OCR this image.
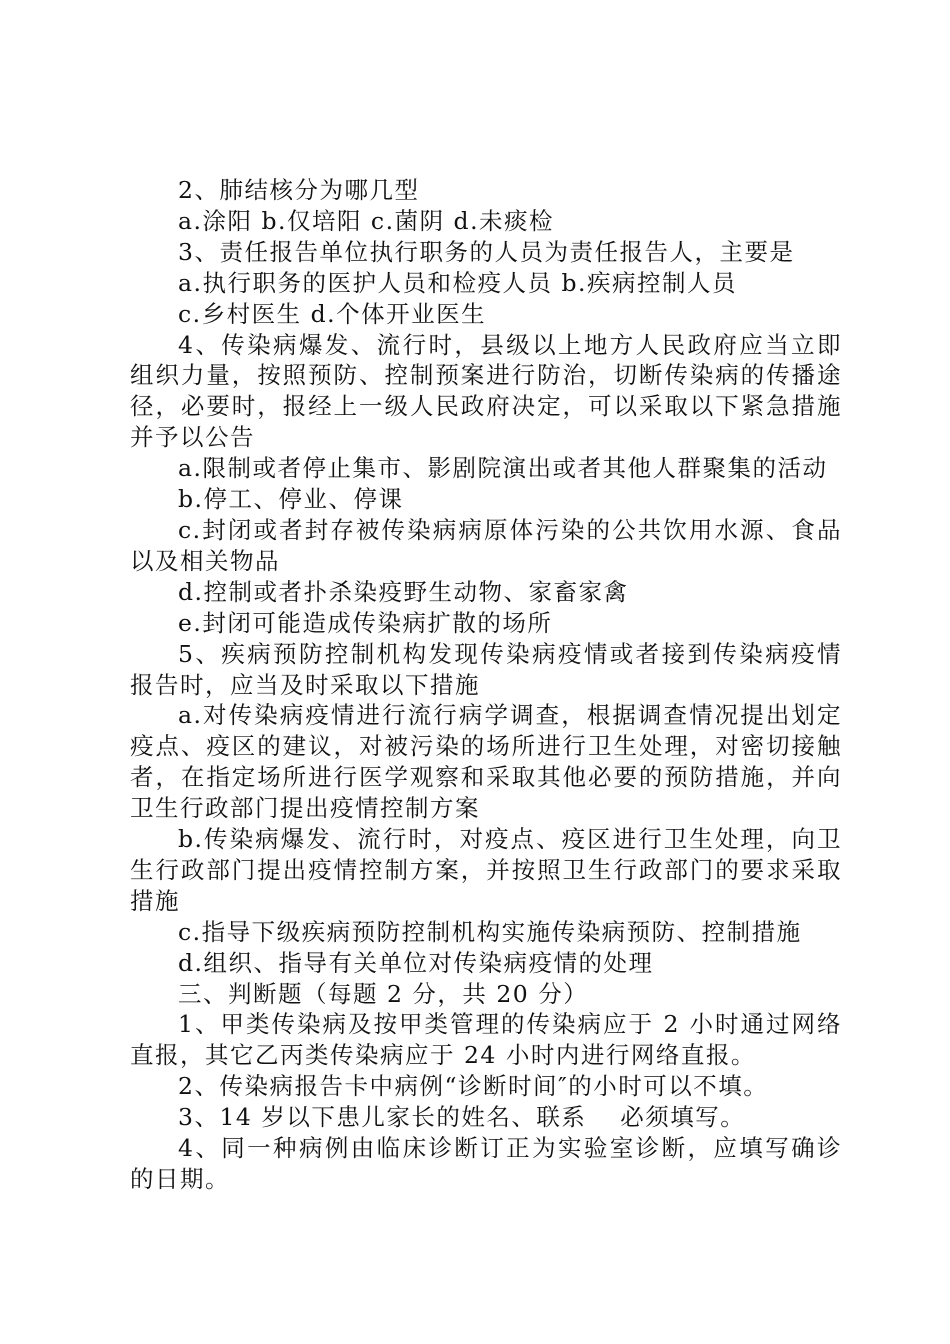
2、肺结核分为哪几型

a.涂阳 b.仅培阳 c.菌阴 d.未痰检

3、责任报告单位执行职务的人员为责任报告人，主要是

a.执行职务的医护人员和检疫人员 b.疾病控制人员

c.乡村医生 d.个体开业医生

4、传染病爆发、流行时，县级以上地方人民政府应当立即组织力量，按照预防、控制预案进行防治，切断传染病的传播途径，必要时，报经上一级人民政府决定，可以采取以下紧急措施并予以公告

a.限制或者停止集市、影剧院演出或者其他人群聚集的活动

b.停工、停业、停课

c.封闭或者封存被传染病病原体污染的公共饮用水源、食品以及相关物品

d.控制或者扑杀染疫野生动物、家畜家禽

e.封闭可能造成传染病扩散的场所

5、疾病预防控制机构发现传染病疫情或者接到传染病疫情报告时，应当及时采取以下措施

a.对传染病疫情进行流行病学调查，根据调查情况提出划定疫点、疫区的建议，对被污染的场所进行卫生处理，对密切接触者，在指定场所进行医学观察和采取其他必要的预防措施，并向卫生行政部门提出疫情控制方案

b.传染病爆发、流行时，对疫点、疫区进行卫生处理，向卫生行政部门提出疫情控制方案，并按照卫生行政部门的要求采取措施

c.指导下级疾病预防控制机构实施传染病预防、控制措施

d.组织、指导有关单位对传染病疫情的处理

三、判断题（每题 2 分，共 20 分）

1、甲类传染病及按甲类管理的传染病应于 2 小时通过网络直报，其它乙丙类传染病应于 24 小时内进行网络直报。

2、传染病报告卡中病例“诊断时间″的小时可以不填。

3、14 岁以下患儿家长的姓名、联系　 必须填写。

4、同一种病例由临床诊断订正为实验室诊断，应填写确诊的日期。
